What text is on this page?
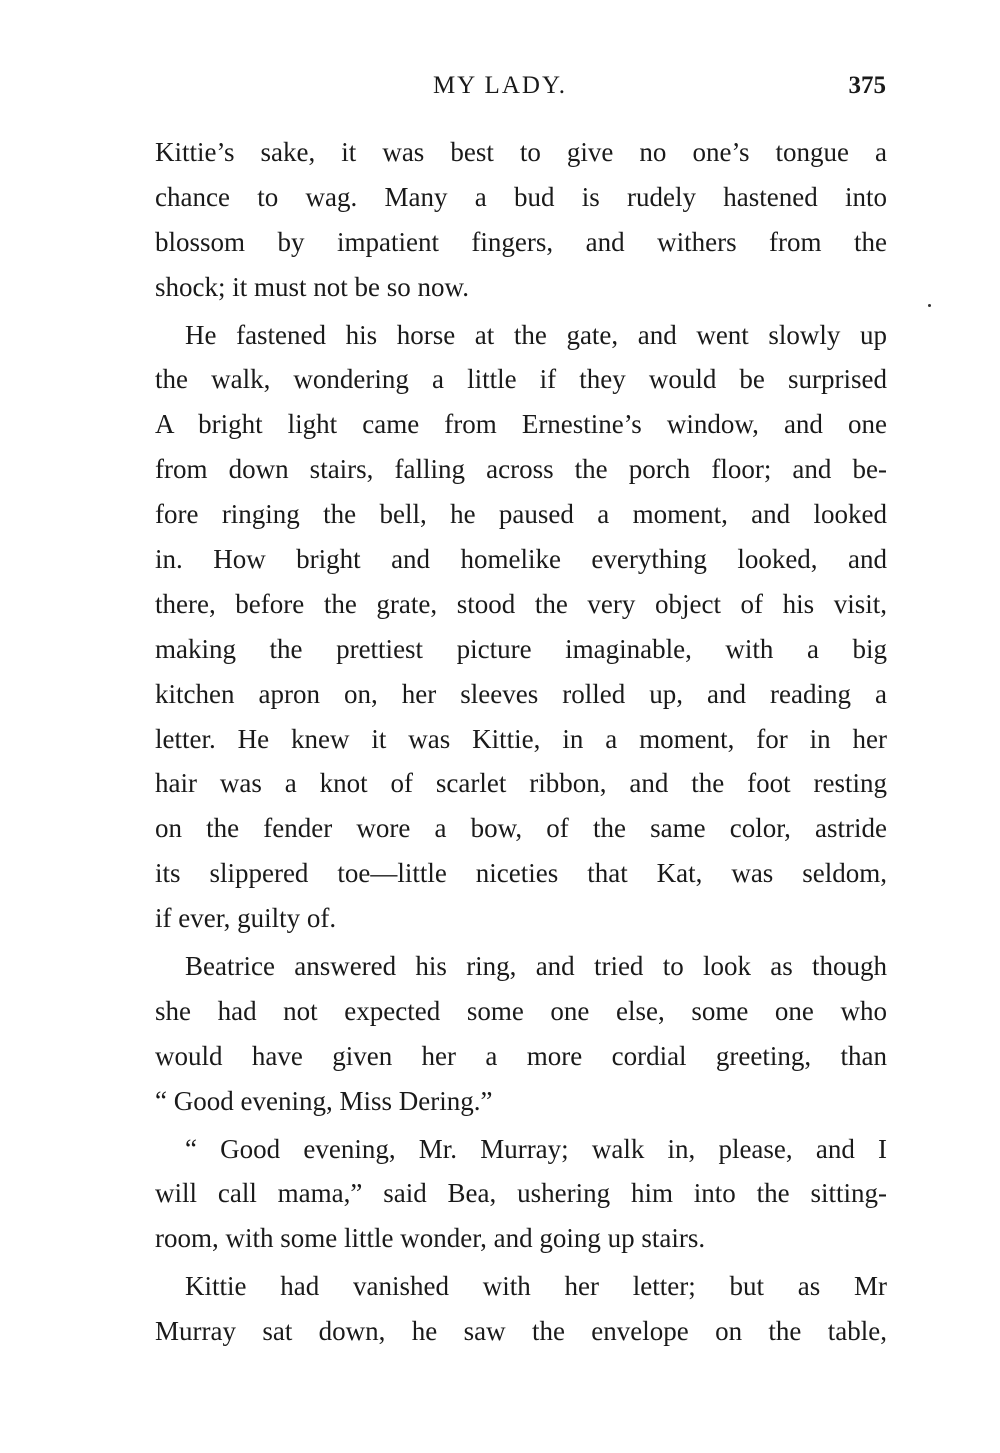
MY LADY.	375
Kittie’s sake, it was best to give no one’s tongue a
chance to wag. Many a bud is rudely hastened into
blossom by impatient fingers, and withers from the
shock; it must not be so now.
He fastened his horse at the gate, and went slowly up
the walk, wondering a little if they would be surprised
A bright light came from Ernestine’s window, and one
from down stairs, falling across the porch floor; and be-
fore ringing the bell, he paused a moment, and looked
in. How bright and homelike everything looked, and
there, before the grate, stood the very object of his visit,
making the prettiest picture imaginable, with a big
kitchen apron on, her sleeves rolled up, and reading a
letter. He knew it was Kittie, in a moment, for in her
hair was a knot of scarlet ribbon, and the foot resting
on the fender wore a bow, of the same color, astride
its slippered toe—little niceties that Kat, was seldom,
if ever, guilty of.
Beatrice answered his ring, and tried to look as though
she had not expected some one else, some one who
would have given her a more cordial greeting, than
“ Good evening, Miss Dering.”
“ Good evening, Mr. Murray; walk in, please, and I
will call mama,” said Bea, ushering him into the sitting-
room, with some little wonder, and going up stairs.
Kittie had vanished with her letter; but as Mr
Murray sat down, he saw the envelope on the table,
